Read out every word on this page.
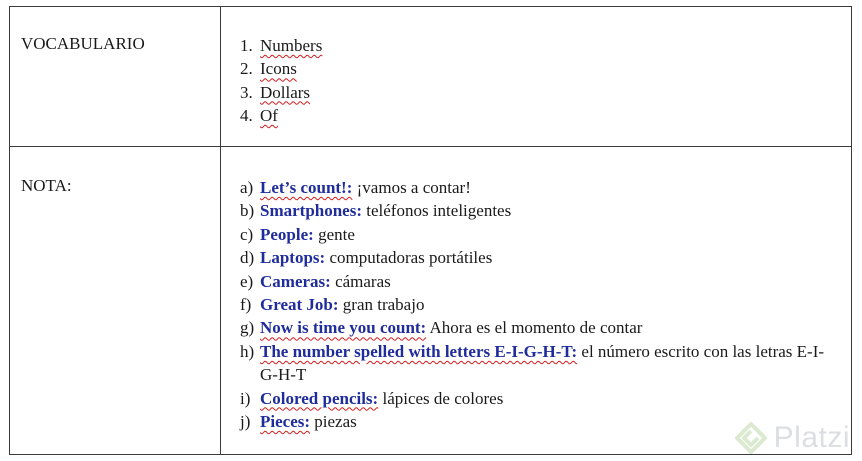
VOCABULARIO	1. Numbers
2. Icons
3. Dollars
4. Of
NOTA:	a) Let’s count!: ¡vamos a contar!
b) Smartphones: teléfonos inteligentes
c) People: gente
d) Laptops: computadoras portátiles
e) Cameras: cámaras
f) Great Job: gran trabajo
g) Now is time you count: Ahora es el momento de contar
h) The number spelled with letters E-I-G-H-T: el número escrito con las letras E-I-G-H-T
i) Colored pencils: lápices de colores
j) Pieces: piezas	Platzi
